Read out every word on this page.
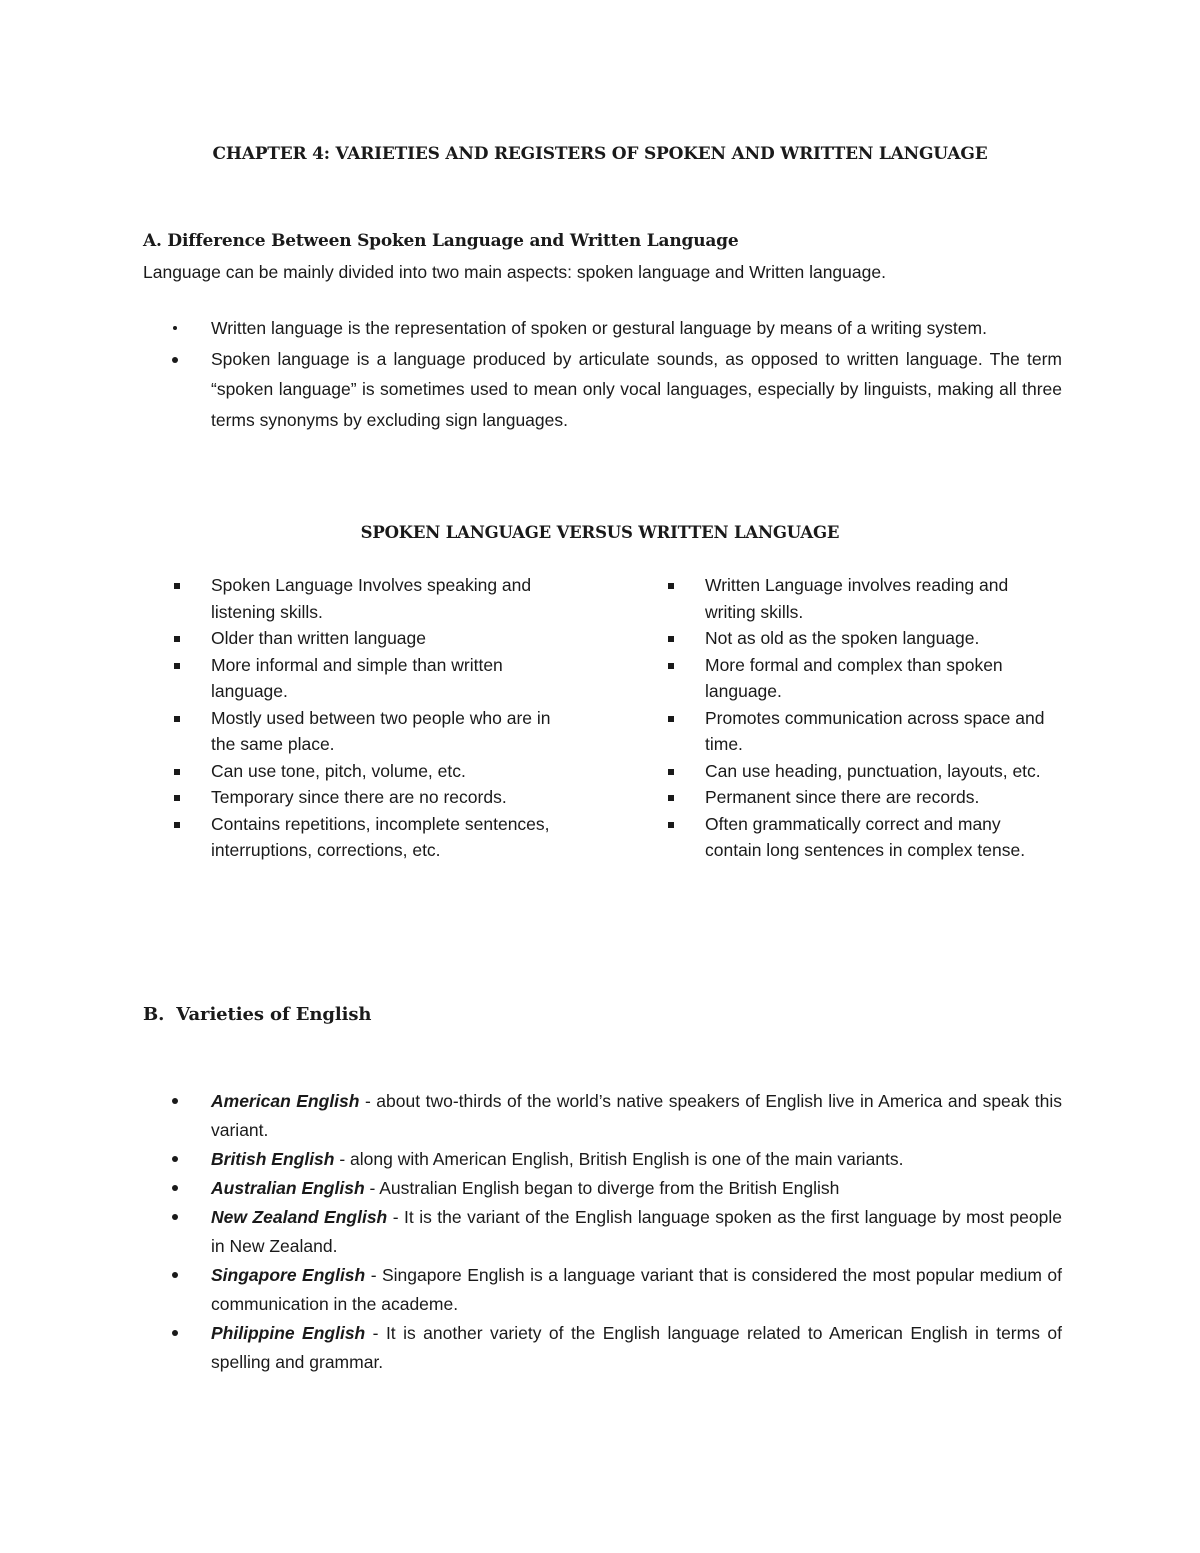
CHAPTER 4: VARIETIES AND REGISTERS OF SPOKEN AND WRITTEN LANGUAGE
A. Difference Between Spoken Language and Written Language
Language can be mainly divided into two main aspects: spoken language and Written language.
Written language is the representation of spoken or gestural language by means of a writing system.
Spoken language is a language produced by articulate sounds, as opposed to written language. The term “spoken language” is sometimes used to mean only vocal languages, especially by linguists, making all three terms synonyms by excluding sign languages.
SPOKEN LANGUAGE VERSUS WRITTEN LANGUAGE
Spoken Language Involves speaking and listening skills.
Older than written language
More informal and simple than written language.
Mostly used between two people who are in the same place.
Can use tone, pitch, volume, etc.
Temporary since there are no records.
Contains repetitions, incomplete sentences, interruptions, corrections, etc.
Written Language involves reading and writing skills.
Not as old as the spoken language.
More formal and complex than spoken language.
Promotes communication across space and time.
Can use heading, punctuation, layouts, etc.
Permanent since there are records.
Often grammatically correct and many contain long sentences in complex tense.
B. Varieties of English
American English - about two-thirds of the world’s native speakers of English live in America and speak this variant.
British English - along with American English, British English is one of the main variants.
Australian English - Australian English began to diverge from the British English
New Zealand English - It is the variant of the English language spoken as the first language by most people in New Zealand.
Singapore English - Singapore English is a language variant that is considered the most popular medium of communication in the academe.
Philippine English - It is another variety of the English language related to American English in terms of spelling and grammar.
